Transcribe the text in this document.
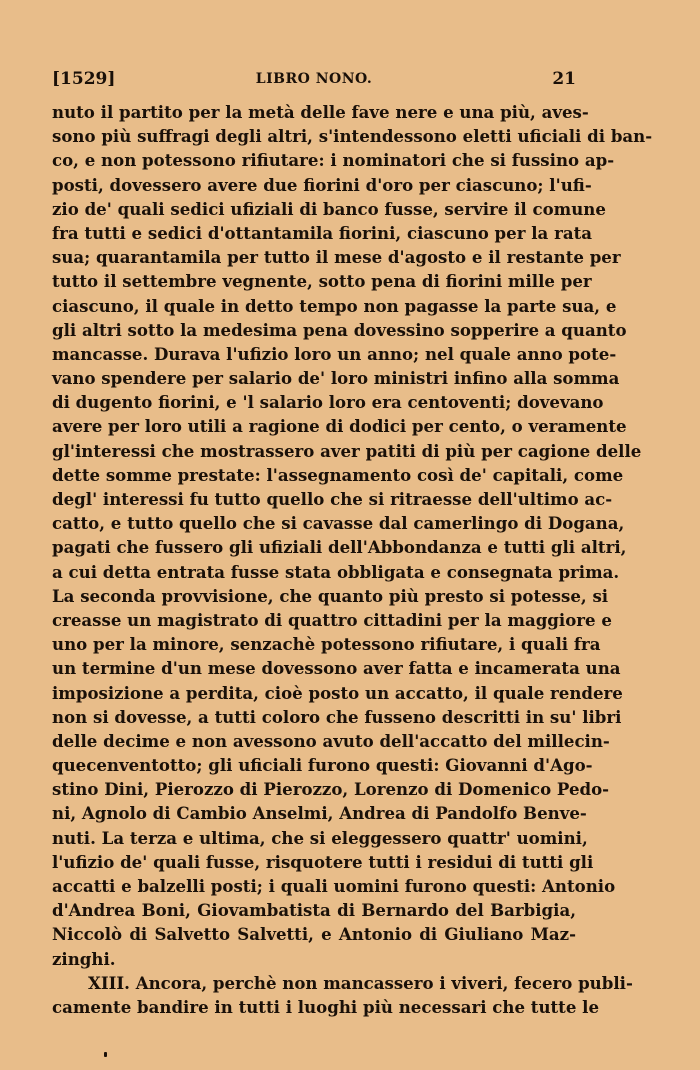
[1529]	LIBRO NONO.	21
nuto il partito per la metà delle fave nere e una più, aves-
sono più suffragi degli altri, s'intendessono eletti uficiali di ban-
co, e non potessono rifiutare: i nominatori che si fussino ap-
posti, dovessero avere due fiorini d'oro per ciascuno; l'ufi-
zio de' quali sedici ufiziali di banco fusse, servire il comune
fra tutti e sedici d'ottantamila fiorini, ciascuno per la rata
sua; quarantamila per tutto il mese d'agosto e il restante per
tutto il settembre vegnente, sotto pena di fiorini mille per
ciascuno, il quale in detto tempo non pagasse la parte sua, e
gli altri sotto la medesima pena dovessino sopperire a quanto
mancasse. Durava l'ufizio loro un anno; nel quale anno pote-
vano spendere per salario de' loro ministri infino alla somma
di dugento fiorini, e 'l salario loro era centoventi; dovevano
avere per loro utili a ragione di dodici per cento, o veramente
gl'interessi che mostrassero aver patiti di più per cagione delle
dette somme prestate: l'assegnamento così de' capitali, come
degl' interessi fu tutto quello che si ritraesse dell'ultimo ac-
catto, e tutto quello che si cavasse dal camerlingo di Dogana,
pagati che fussero gli ufiziali dell'Abbondanza e tutti gli altri,
a cui detta entrata fusse stata obbligata e consegnata prima.
La seconda provvisione, che quanto più presto si potesse, si
creasse un magistrato di quattro cittadini per la maggiore e
uno per la minore, senzachè potessono rifiutare, i quali fra
un termine d'un mese dovessono aver fatta e incamerata una
imposizione a perdita, cioè posto un accatto, il quale rendere
non si dovesse, a tutti coloro che fusseno descritti in su' libri
delle decime e non avessono avuto dell'accatto del millecin-
quecenventotto; gli uficiali furono questi: Giovanni d'Ago-
stino Dini, Pierozzo di Pierozzo, Lorenzo di Domenico Pedo-
ni, Agnolo di Cambio Anselmi, Andrea di Pandolfo Benve-
nuti. La terza e ultima, che si eleggessero quattr' uomini,
l'ufizio de' quali fusse, risquotere tutti i residui di tutti gli
accatti e balzelli posti; i quali uomini furono questi: Antonio
d'Andrea Boni, Giovambatista di Bernardo del Barbigia,
Niccolò di Salvetto Salvetti, e Antonio di Giuliano Maz-
zinghi.
XIII. Ancora, perchè non mancassero i viveri, fecero publi-
camente bandire in tutti i luoghi più necessari che tutte le
